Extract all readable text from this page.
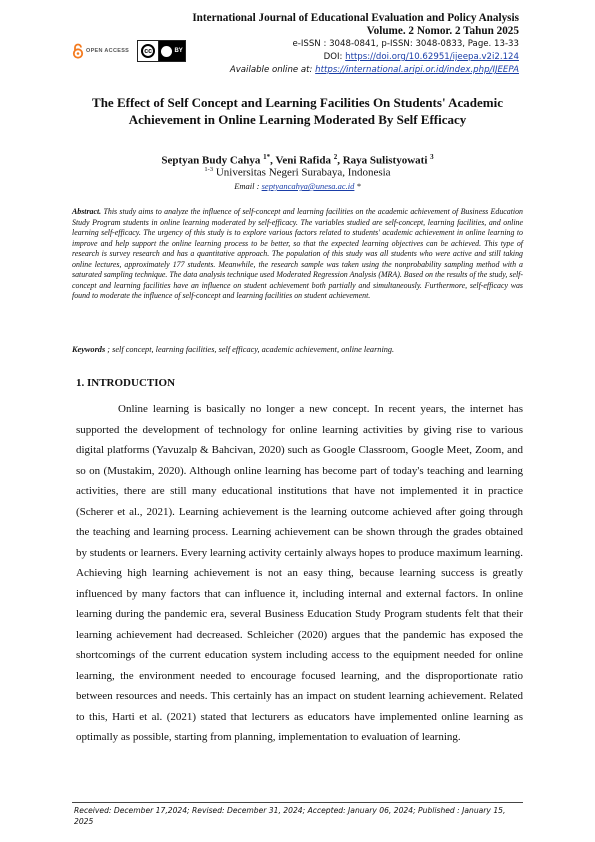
International Journal of Educational Evaluation and Policy Analysis
Volume. 2 Nomor. 2 Tahun 2025
e-ISSN : 3048-0841, p-ISSN: 3048-0833, Page. 13-33
DOI: https://doi.org/10.62951/ijeepa.v2i2.124
Available online at: https://international.aripi.or.id/index.php/IJEEPA
OPEN ACCESS	cc	BY
The Effect of Self Concept and Learning Facilities On Students' Academic Achievement in Online Learning Moderated By Self Efficacy
Septyan Budy Cahya $^{1*}$, Veni Rafida $^2$, Raya Sulistyowati $^3$
$^{1-3}$ Universitas Negeri Surabaya, Indonesia
Email : septyancahya@unesa.ac.id *

Abstract. This study aims to analyze the influence of self-concept and learning facilities on the academic achievement of Business Education Study Program students in online learning moderated by self-efficacy. The variables studied are self-concept, learning facilities, and online learning self-efficacy. The urgency of this study is to explore various factors related to students' academic achievement in online learning to improve and help support the online learning process to be better, so that the expected learning objectives can be achieved. This type of research is survey research and has a quantitative approach. The population of this study was all students who were active and still taking online lectures, approximately 177 students. Meanwhile, the research sample was taken using the nonprobability sampling method with a saturated sampling technique. The data analysis technique used Moderated Regression Analysis (MRA). Based on the results of the study, self-concept and learning facilities have an influence on student achievement both partially and simultaneously. Furthermore, self-efficacy was found to moderate the influence of self-concept and learning facilities on student achievement.

Keywords ; self concept, learning facilities, self efficacy, academic achievement, online learning.

1. INTRODUCTION

Online learning is basically no longer a new concept. In recent years, the internet has supported the development of technology for online learning activities by giving rise to various digital platforms (Yavuzalp & Bahcivan, 2020) such as Google Classroom, Google Meet, Zoom, and so on (Mustakim, 2020). Although online learning has become part of today's teaching and learning activities, there are still many educational institutions that have not implemented it in practice (Scherer et al., 2021). Learning achievement is the learning outcome achieved after going through the teaching and learning process. Learning achievement can be shown through the grades obtained by students or learners. Every learning activity certainly always hopes to produce maximum learning. Achieving high learning achievement is not an easy thing, because learning success is greatly influenced by many factors that can influence it, including internal and external factors. In online learning during the pandemic era, several Business Education Study Program students felt that their learning achievement had decreased. Schleicher (2020) argues that the pandemic has exposed the shortcomings of the current education system including access to the equipment needed for online learning, the environment needed to encourage focused learning, and the disproportionate ratio between resources and needs. This certainly has an impact on student learning achievement. Related to this, Harti et al. (2021) stated that lecturers as educators have implemented online learning as optimally as possible, starting from planning, implementation to evaluation of learning.

Received: December 17,2024; Revised: December 31, 2024; Accepted: January 06, 2024; Published : January 15, 2025
